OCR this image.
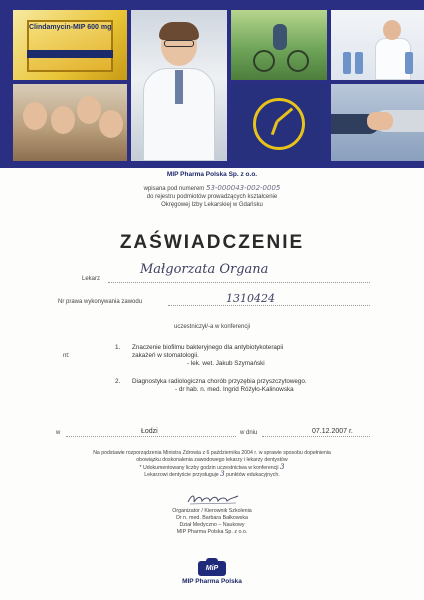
Clindamycin-MIP 600 mg
MIP Pharma Polska Sp. z o.o.
wpisana pod numerem 53-000043-002-0005
do rejestru podmiotów prowadzących kształcenie
Okręgowej Izby Lekarskiej w Gdańsku
ZAŚWIADCZENIE
Lekarz
Małgorzata Organa
Nr prawa wykonywania zawodu	1310424
uczestniczył/-a w konferencji
nt:
1. Znaczenie biofilmu bakteryjnego dla antybiotykoterapii
zakażeń w stomatologii.
- lek. wet. Jakub Szymański
2. Diagnostyka radiologiczna chorób przyzębia przyszczytowego.
- dr hab. n. med. Ingrid Różyło-Kalinowska
w	Łodzi	w dniu	07.12.2007 r.
Na podstawie rozporządzenia Ministra Zdrowia z 6 października 2004 r. w sprawie sposobu dopełnienia
obowiązku doskonalenia zawodowego lekarzy i lekarzy dentystów
* Udokumentowany liczby godzin uczestnictwa w konferencji 3
Lekarzowi dentyście przysługuje 3 punktów edukacyjnych.
Organizator / Kierownik Szkolenia
Dr n. med. Barbara Bałkowska
Dział Medyczno – Naukowy
MIP Pharma Polska Sp. z o.o.
MiP
MIP Pharma Polska
